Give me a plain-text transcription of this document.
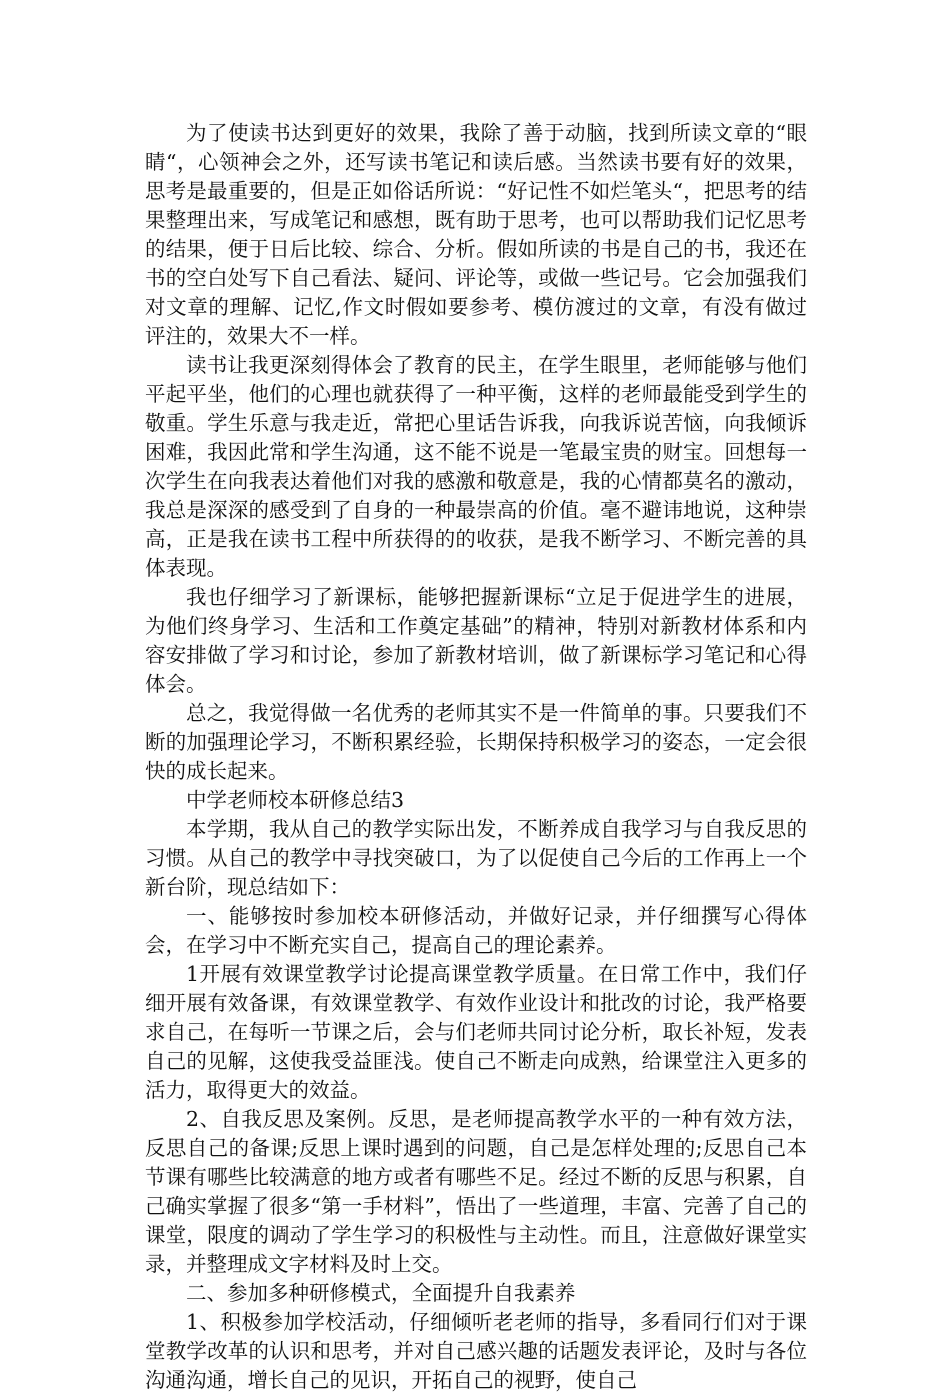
为了使读书达到更好的效果，我除了善于动脑，找到所读文章的“眼睛“，心领神会之外，还写读书笔记和读后感。当然读书要有好的效果，思考是最重要的，但是正如俗话所说：“好记性不如烂笔头“，把思考的结果整理出来，写成笔记和感想，既有助于思考，也可以帮助我们记忆思考的结果，便于日后比较、综合、分析。假如所读的书是自己的书，我还在书的空白处写下自己看法、疑问、评论等，或做一些记号。它会加强我们对文章的理解、记忆,作文时假如要参考、模仿渡过的文章，有没有做过评注的，效果大不一样。

读书让我更深刻得体会了教育的民主，在学生眼里，老师能够与他们平起平坐，他们的心理也就获得了一种平衡，这样的老师最能受到学生的敬重。学生乐意与我走近，常把心里话告诉我，向我诉说苦恼，向我倾诉困难，我因此常和学生沟通，这不能不说是一笔最宝贵的财宝。回想每一次学生在向我表达着他们对我的感激和敬意是，我的心情都莫名的激动，我总是深深的感受到了自身的一种最崇高的价值。毫不避讳地说，这种崇高，正是我在读书工程中所获得的的收获，是我不断学习、不断完善的具体表现。

我也仔细学习了新课标，能够把握新课标“立足于促进学生的进展，为他们终身学习、生活和工作奠定基础”的精神，特别对新教材体系和内容安排做了学习和讨论，参加了新教材培训，做了新课标学习笔记和心得体会。

总之，我觉得做一名优秀的老师其实不是一件简单的事。只要我们不断的加强理论学习，不断积累经验，长期保持积极学习的姿态，一定会很快的成长起来。

中学老师校本研修总结3

本学期，我从自己的教学实际出发，不断养成自我学习与自我反思的习惯。从自己的教学中寻找突破口，为了以促使自己今后的工作再上一个新台阶，现总结如下：

一、能够按时参加校本研修活动，并做好记录，并仔细撰写心得体会，在学习中不断充实自己，提高自己的理论素养。

1开展有效课堂教学讨论提高课堂教学质量。在日常工作中，我们仔细开展有效备课，有效课堂教学、有效作业设计和批改的讨论，我严格要求自己，在每听一节课之后，会与们老师共同讨论分析，取长补短，发表自己的见解，这使我受益匪浅。使自己不断走向成熟，给课堂注入更多的活力，取得更大的效益。

2、自我反思及案例。反思，是老师提高教学水平的一种有效方法，反思自己的备课;反思上课时遇到的问题，自己是怎样处理的;反思自己本节课有哪些比较满意的地方或者有哪些不足。经过不断的反思与积累，自己确实掌握了很多“第一手材料”，悟出了一些道理，丰富、完善了自己的课堂，限度的调动了学生学习的积极性与主动性。而且，注意做好课堂实录，并整理成文字材料及时上交。

二、参加多种研修模式，全面提升自我素养

1、积极参加学校活动，仔细倾听老老师的指导，多看同行们对于课堂教学改革的认识和思考，并对自己感兴趣的话题发表评论，及时与各位沟通沟通，增长自己的见识，开拓自己的视野，使自己
